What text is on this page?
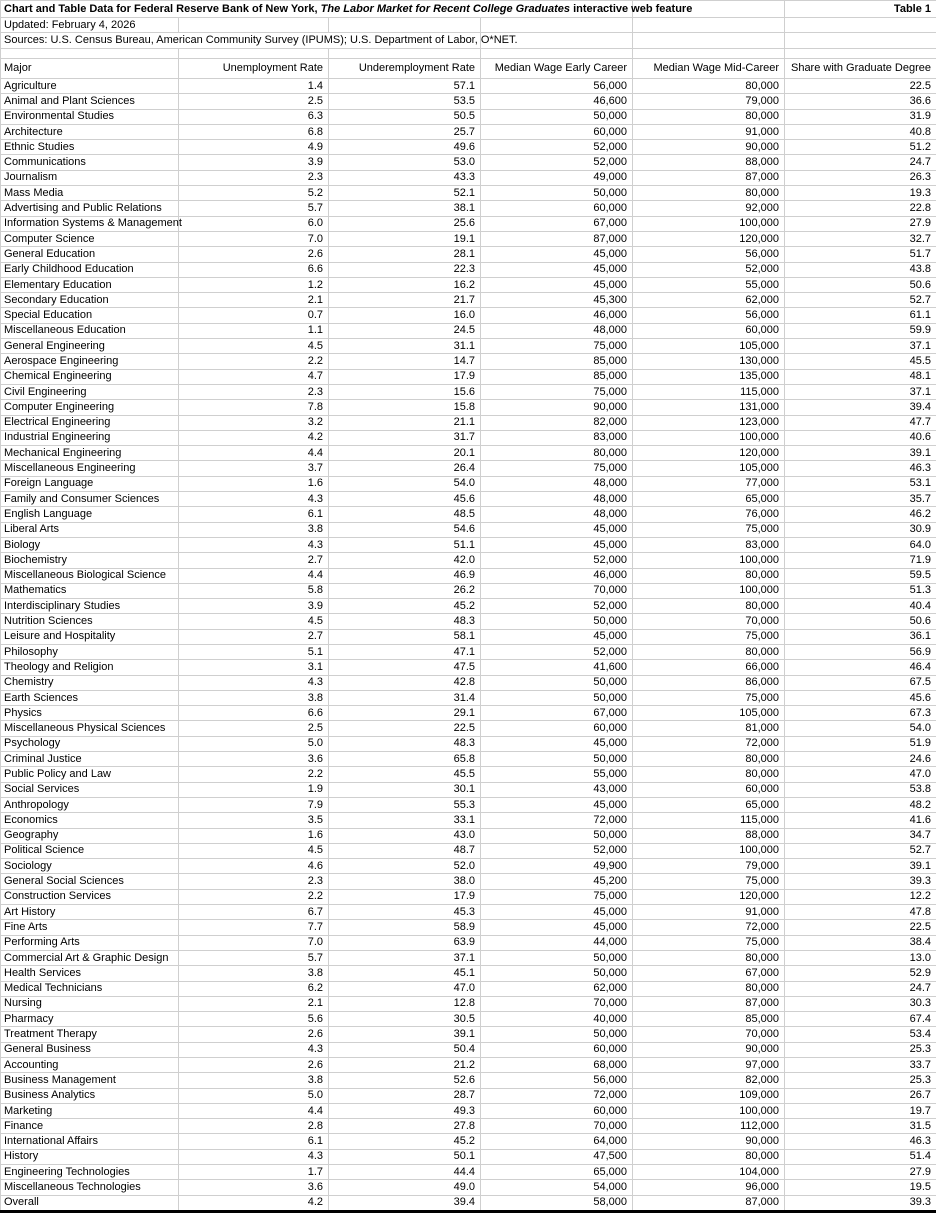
Chart and Table Data for Federal Reserve Bank of New York, The Labor Market for Recent College Graduates interactive web feature					Table 1
Updated: February 4, 2026					
Sources: U.S. Census Bureau, American Community Survey (IPUMS); U.S. Department of Labor, O*NET.					

Major	Unemployment Rate	Underemployment Rate	Median Wage Early Career	Median Wage Mid-Career	Share with Graduate Degree
Agriculture	1.4	57.1	56,000	80,000	22.5
Animal and Plant Sciences	2.5	53.5	46,600	79,000	36.6
Environmental Studies	6.3	50.5	50,000	80,000	31.9
Architecture	6.8	25.7	60,000	91,000	40.8
Ethnic Studies	4.9	49.6	52,000	90,000	51.2
Communications	3.9	53.0	52,000	88,000	24.7
Journalism	2.3	43.3	49,000	87,000	26.3
Mass Media	5.2	52.1	50,000	80,000	19.3
Advertising and Public Relations	5.7	38.1	60,000	92,000	22.8
Information Systems & Management	6.0	25.6	67,000	100,000	27.9
Computer Science	7.0	19.1	87,000	120,000	32.7
General Education	2.6	28.1	45,000	56,000	51.7
Early Childhood Education	6.6	22.3	45,000	52,000	43.8
Elementary Education	1.2	16.2	45,000	55,000	50.6
Secondary Education	2.1	21.7	45,300	62,000	52.7
Special Education	0.7	16.0	46,000	56,000	61.1
Miscellaneous Education	1.1	24.5	48,000	60,000	59.9
General Engineering	4.5	31.1	75,000	105,000	37.1
Aerospace Engineering	2.2	14.7	85,000	130,000	45.5
Chemical Engineering	4.7	17.9	85,000	135,000	48.1
Civil Engineering	2.3	15.6	75,000	115,000	37.1
Computer Engineering	7.8	15.8	90,000	131,000	39.4
Electrical Engineering	3.2	21.1	82,000	123,000	47.7
Industrial Engineering	4.2	31.7	83,000	100,000	40.6
Mechanical Engineering	4.4	20.1	80,000	120,000	39.1
Miscellaneous Engineering	3.7	26.4	75,000	105,000	46.3
Foreign Language	1.6	54.0	48,000	77,000	53.1
Family and Consumer Sciences	4.3	45.6	48,000	65,000	35.7
English Language	6.1	48.5	48,000	76,000	46.2
Liberal Arts	3.8	54.6	45,000	75,000	30.9
Biology	4.3	51.1	45,000	83,000	64.0
Biochemistry	2.7	42.0	52,000	100,000	71.9
Miscellaneous Biological Science	4.4	46.9	46,000	80,000	59.5
Mathematics	5.8	26.2	70,000	100,000	51.3
Interdisciplinary Studies	3.9	45.2	52,000	80,000	40.4
Nutrition Sciences	4.5	48.3	50,000	70,000	50.6
Leisure and Hospitality	2.7	58.1	45,000	75,000	36.1
Philosophy	5.1	47.1	52,000	80,000	56.9
Theology and Religion	3.1	47.5	41,600	66,000	46.4
Chemistry	4.3	42.8	50,000	86,000	67.5
Earth Sciences	3.8	31.4	50,000	75,000	45.6
Physics	6.6	29.1	67,000	105,000	67.3
Miscellaneous Physical Sciences	2.5	22.5	60,000	81,000	54.0
Psychology	5.0	48.3	45,000	72,000	51.9
Criminal Justice	3.6	65.8	50,000	80,000	24.6
Public Policy and Law	2.2	45.5	55,000	80,000	47.0
Social Services	1.9	30.1	43,000	60,000	53.8
Anthropology	7.9	55.3	45,000	65,000	48.2
Economics	3.5	33.1	72,000	115,000	41.6
Geography	1.6	43.0	50,000	88,000	34.7
Political Science	4.5	48.7	52,000	100,000	52.7
Sociology	4.6	52.0	49,900	79,000	39.1
General Social Sciences	2.3	38.0	45,200	75,000	39.3
Construction Services	2.2	17.9	75,000	120,000	12.2
Art History	6.7	45.3	45,000	91,000	47.8
Fine Arts	7.7	58.9	45,000	72,000	22.5
Performing Arts	7.0	63.9	44,000	75,000	38.4
Commercial Art & Graphic Design	5.7	37.1	50,000	80,000	13.0
Health Services	3.8	45.1	50,000	67,000	52.9
Medical Technicians	6.2	47.0	62,000	80,000	24.7
Nursing	2.1	12.8	70,000	87,000	30.3
Pharmacy	5.6	30.5	40,000	85,000	67.4
Treatment Therapy	2.6	39.1	50,000	70,000	53.4
General Business	4.3	50.4	60,000	90,000	25.3
Accounting	2.6	21.2	68,000	97,000	33.7
Business Management	3.8	52.6	56,000	82,000	25.3
Business Analytics	5.0	28.7	72,000	109,000	26.7
Marketing	4.4	49.3	60,000	100,000	19.7
Finance	2.8	27.8	70,000	112,000	31.5
International Affairs	6.1	45.2	64,000	90,000	46.3
History	4.3	50.1	47,500	80,000	51.4
Engineering Technologies	1.7	44.4	65,000	104,000	27.9
Miscellaneous Technologies	3.6	49.0	54,000	96,000	19.5
Overall	4.2	39.4	58,000	87,000	39.3
